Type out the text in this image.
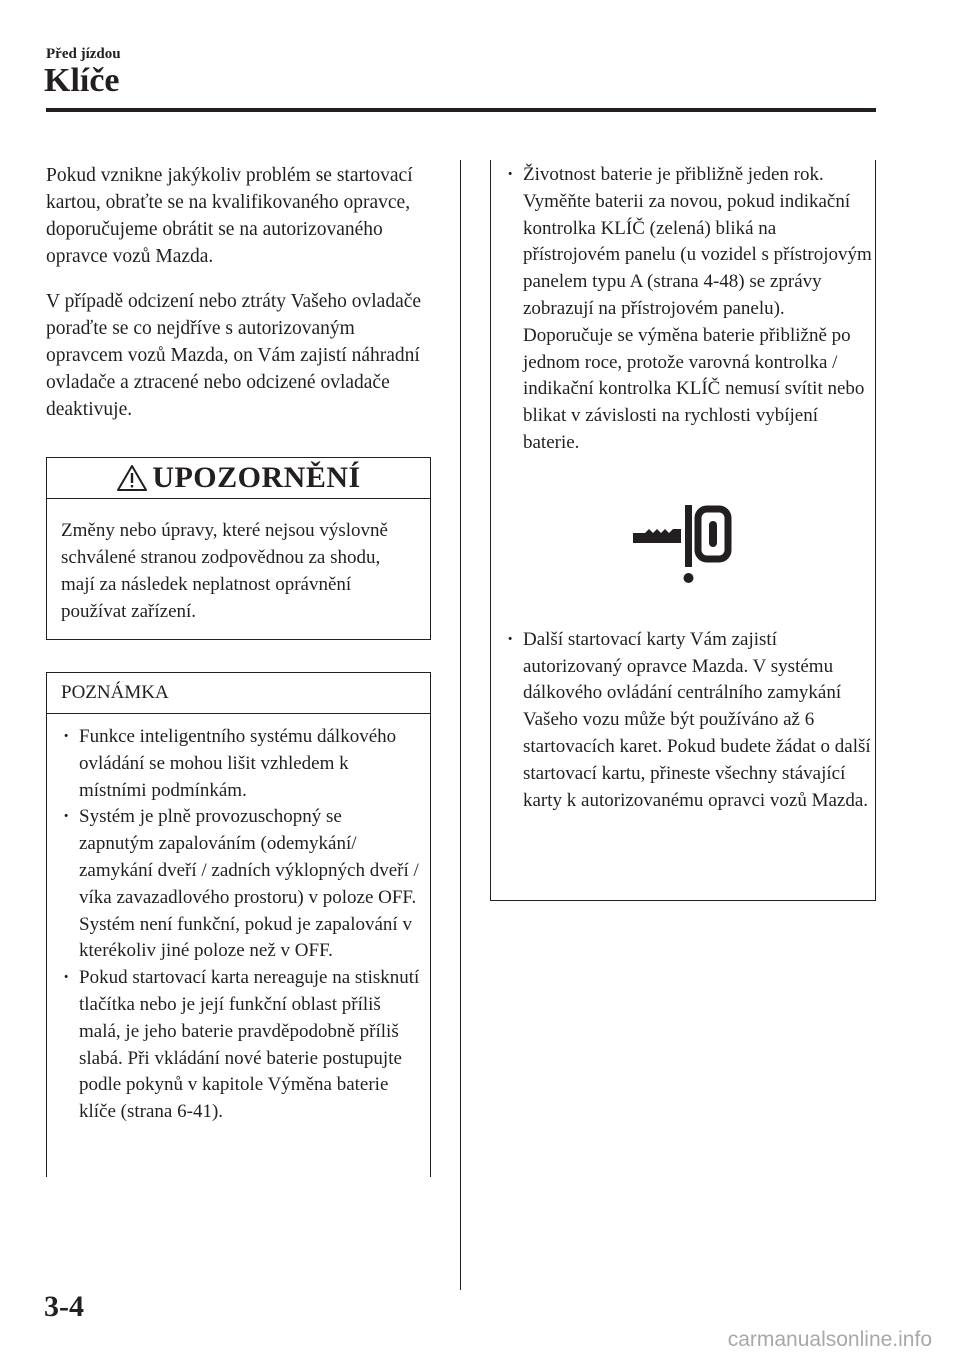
Před jízdou
Klíče

Pokud vznikne jakýkoliv problém se startovací kartou, obraťte se na kvalifikovaného opravce, doporučujeme obrátit se na autorizovaného opravce vozů Mazda.

V případě odcizení nebo ztráty Vašeho ovladače poraďte se co nejdříve s autorizovaným opravcem vozů Mazda, on Vám zajistí náhradní ovladače a ztracené nebo odcizené ovladače deaktivuje.

UPOZORNĚNÍ
Změny nebo úpravy, které nejsou výslovně schválené stranou zodpovědnou za shodu, mají za následek neplatnost oprávnění používat zařízení.
POZNÁMKA
· Funkce inteligentního systému dálkového ovládání se mohou lišit vzhledem k místními podmínkám.
· Systém je plně provozuschopný se zapnutým zapalováním (odemykání/ zamykání dveří / zadních výklopných dveří / víka zavazadlového prostoru) v poloze OFF. Systém není funkční, pokud je zapalování v kterékoliv jiné poloze než v OFF.
· Pokud startovací karta nereaguje na stisknutí tlačítka nebo je její funkční oblast příliš malá, je jeho baterie pravděpodobně příliš slabá. Při vkládání nové baterie postupujte podle pokynů v kapitole Výměna baterie klíče (strana 6-41).
· Životnost baterie je přibližně jeden rok. Vyměňte baterii za novou, pokud indikační kontrolka KLÍČ (zelená) bliká na přístrojovém panelu (u vozidel s přístrojovým panelem typu A (strana 4-48) se zprávy zobrazují na přístrojovém panelu). Doporučuje se výměna baterie přibližně po jednom roce, protože varovná kontrolka / indikační kontrolka KLÍČ nemusí svítit nebo blikat v závislosti na rychlosti vybíjení baterie.
· Další startovací karty Vám zajistí autorizovaný opravce Mazda. V systému dálkového ovládání centrálního zamykání Vašeho vozu může být používáno až 6 startovacích karet. Pokud budete žádat o další startovací kartu, přineste všechny stávající karty k autorizovanému opravci vozů Mazda.
3-4
carmanualsonline.info
